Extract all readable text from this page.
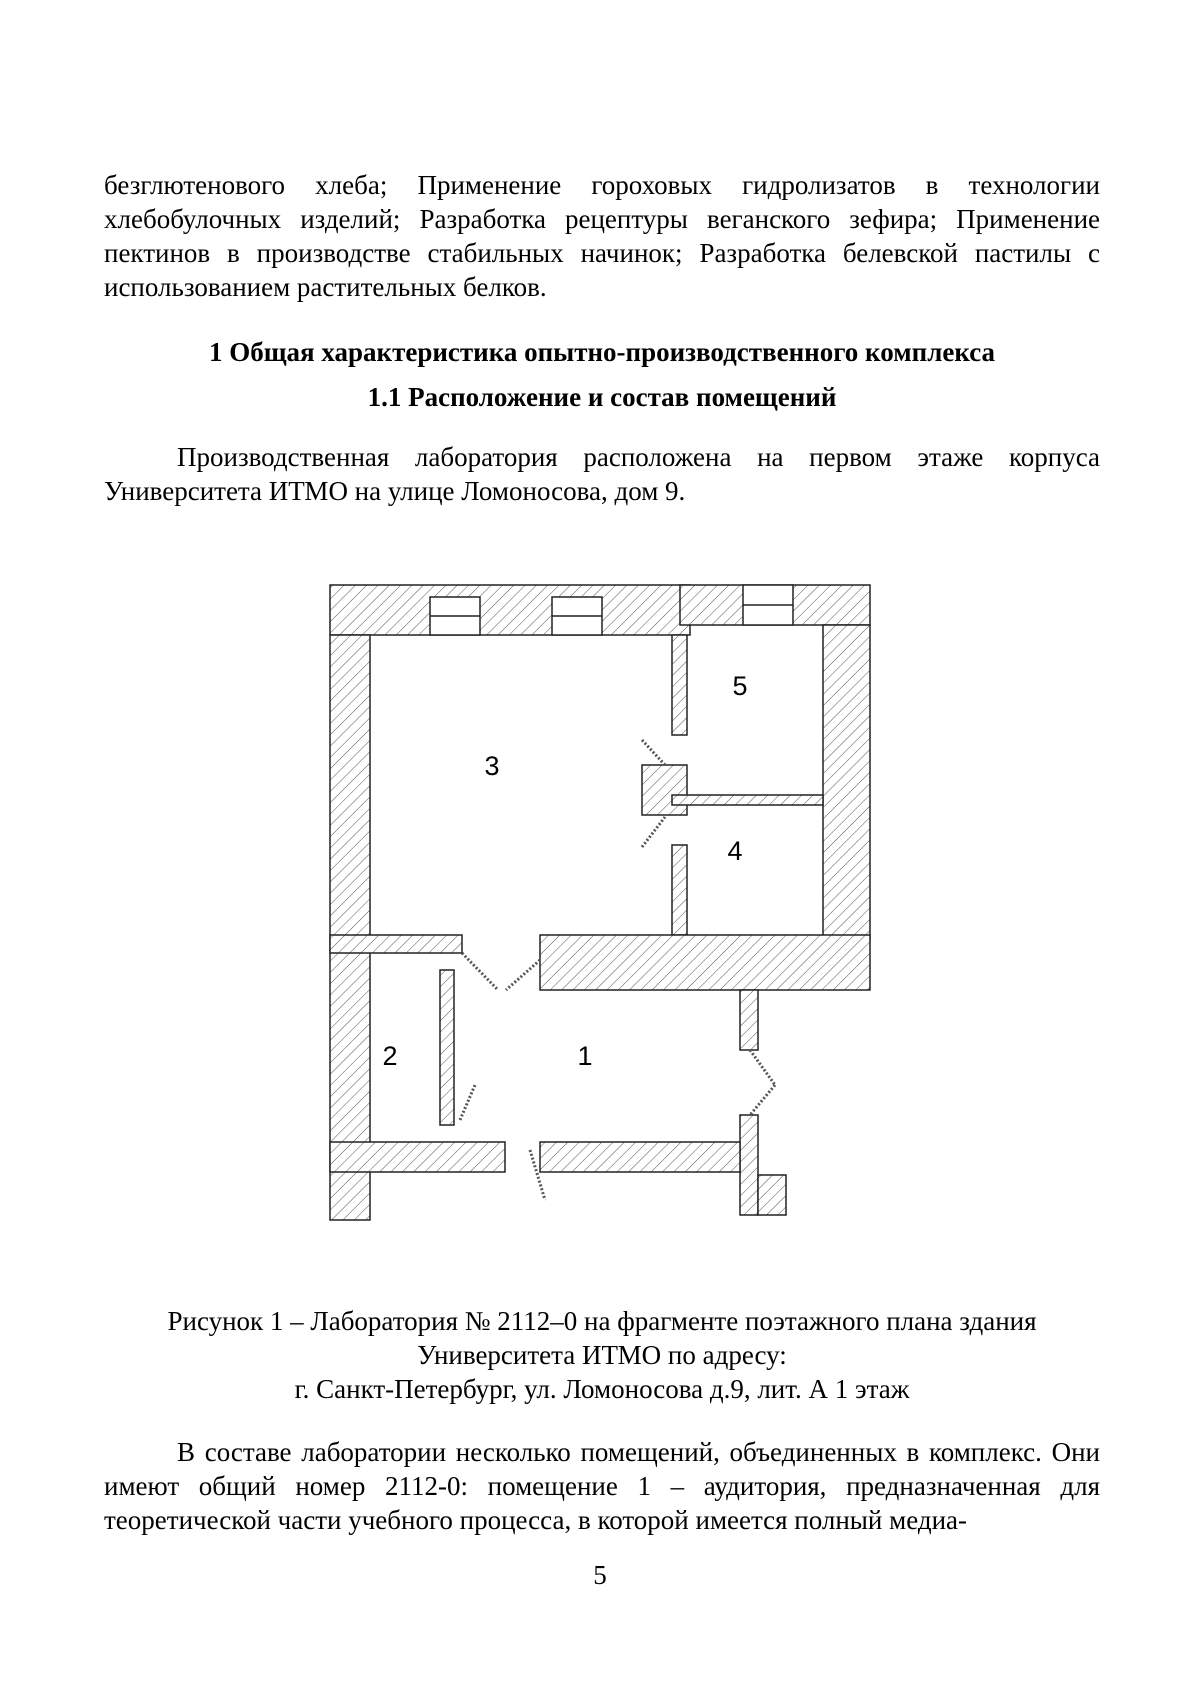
безглютенового хлеба; Применение гороховых гидролизатов в технологии хлебобулочных изделий; Разработка рецептуры веганского зефира; Применение пектинов в производстве стабильных начинок; Разработка белевской пастилы с использованием растительных белков.

1 Общая характеристика опытно-производственного комплекса

1.1 Расположение и состав помещений

Производственная лаборатория расположена на первом этаже корпуса Университета ИТМО на улице Ломоносова, дом 9.

5
3
4
2	1
Рисунок 1 – Лаборатория № 2112–0 на фрагменте поэтажного плана здания
Университета ИТМО по адресу:
г. Санкт-Петербург, ул. Ломоносова д.9, лит. А 1 этаж

В составе лаборатории несколько помещений, объединенных в комплекс. Они имеют общий номер 2112-0: помещение 1 – аудитория, предназначенная для теоретической части учебного процесса, в которой имеется полный медиа-

5
